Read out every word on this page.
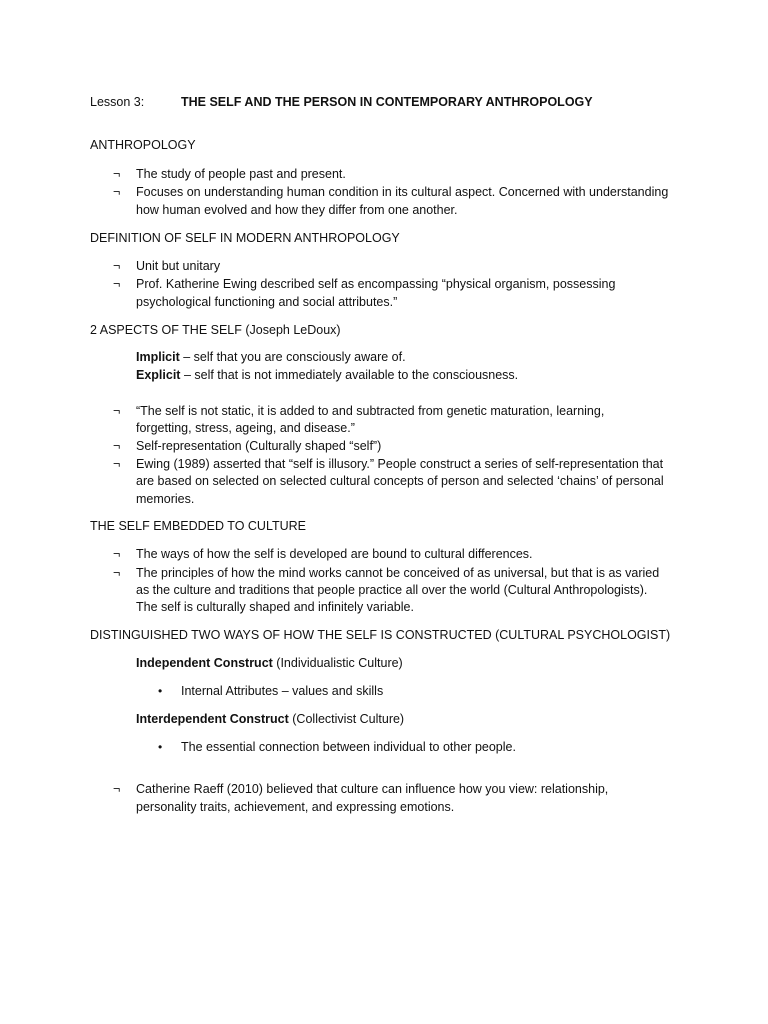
Lesson 3:	THE SELF AND THE PERSON IN CONTEMPORARY ANTHROPOLOGY
ANTHROPOLOGY
¬	The study of people past and present.
¬	Focuses on understanding human condition in its cultural aspect. Concerned with understanding
how human evolved and how they differ from one another.
DEFINITION OF SELF IN MODERN ANTHROPOLOGY
¬	Unit but unitary
¬	Prof. Katherine Ewing described self as encompassing “physical organism, possessing
psychological functioning and social attributes.”
2 ASPECTS OF THE SELF (Joseph LeDoux)
Implicit – self that you are consciously aware of.
Explicit – self that is not immediately available to the consciousness.
¬	“The self is not static, it is added to and subtracted from genetic maturation, learning,
forgetting, stress, ageing, and disease.”
¬	Self-representation (Culturally shaped “self”)
¬	Ewing (1989) asserted that “self is illusory.” People construct a series of self-representation that
are based on selected on selected cultural concepts of person and selected ‘chains’ of personal
memories.
THE SELF EMBEDDED TO CULTURE
¬	The ways of how the self is developed are bound to cultural differences.
¬	The principles of how the mind works cannot be conceived of as universal, but that is as varied
as the culture and traditions that people practice all over the world (Cultural Anthropologists).
The self is culturally shaped and infinitely variable.
DISTINGUISHED TWO WAYS OF HOW THE SELF IS CONSTRUCTED (CULTURAL PSYCHOLOGIST)
Independent Construct (Individualistic Culture)
• Internal Attributes – values and skills
Interdependent Construct (Collectivist Culture)
• The essential connection between individual to other people.
¬	Catherine Raeff (2010) believed that culture can influence how you view: relationship,
personality traits, achievement, and expressing emotions.
